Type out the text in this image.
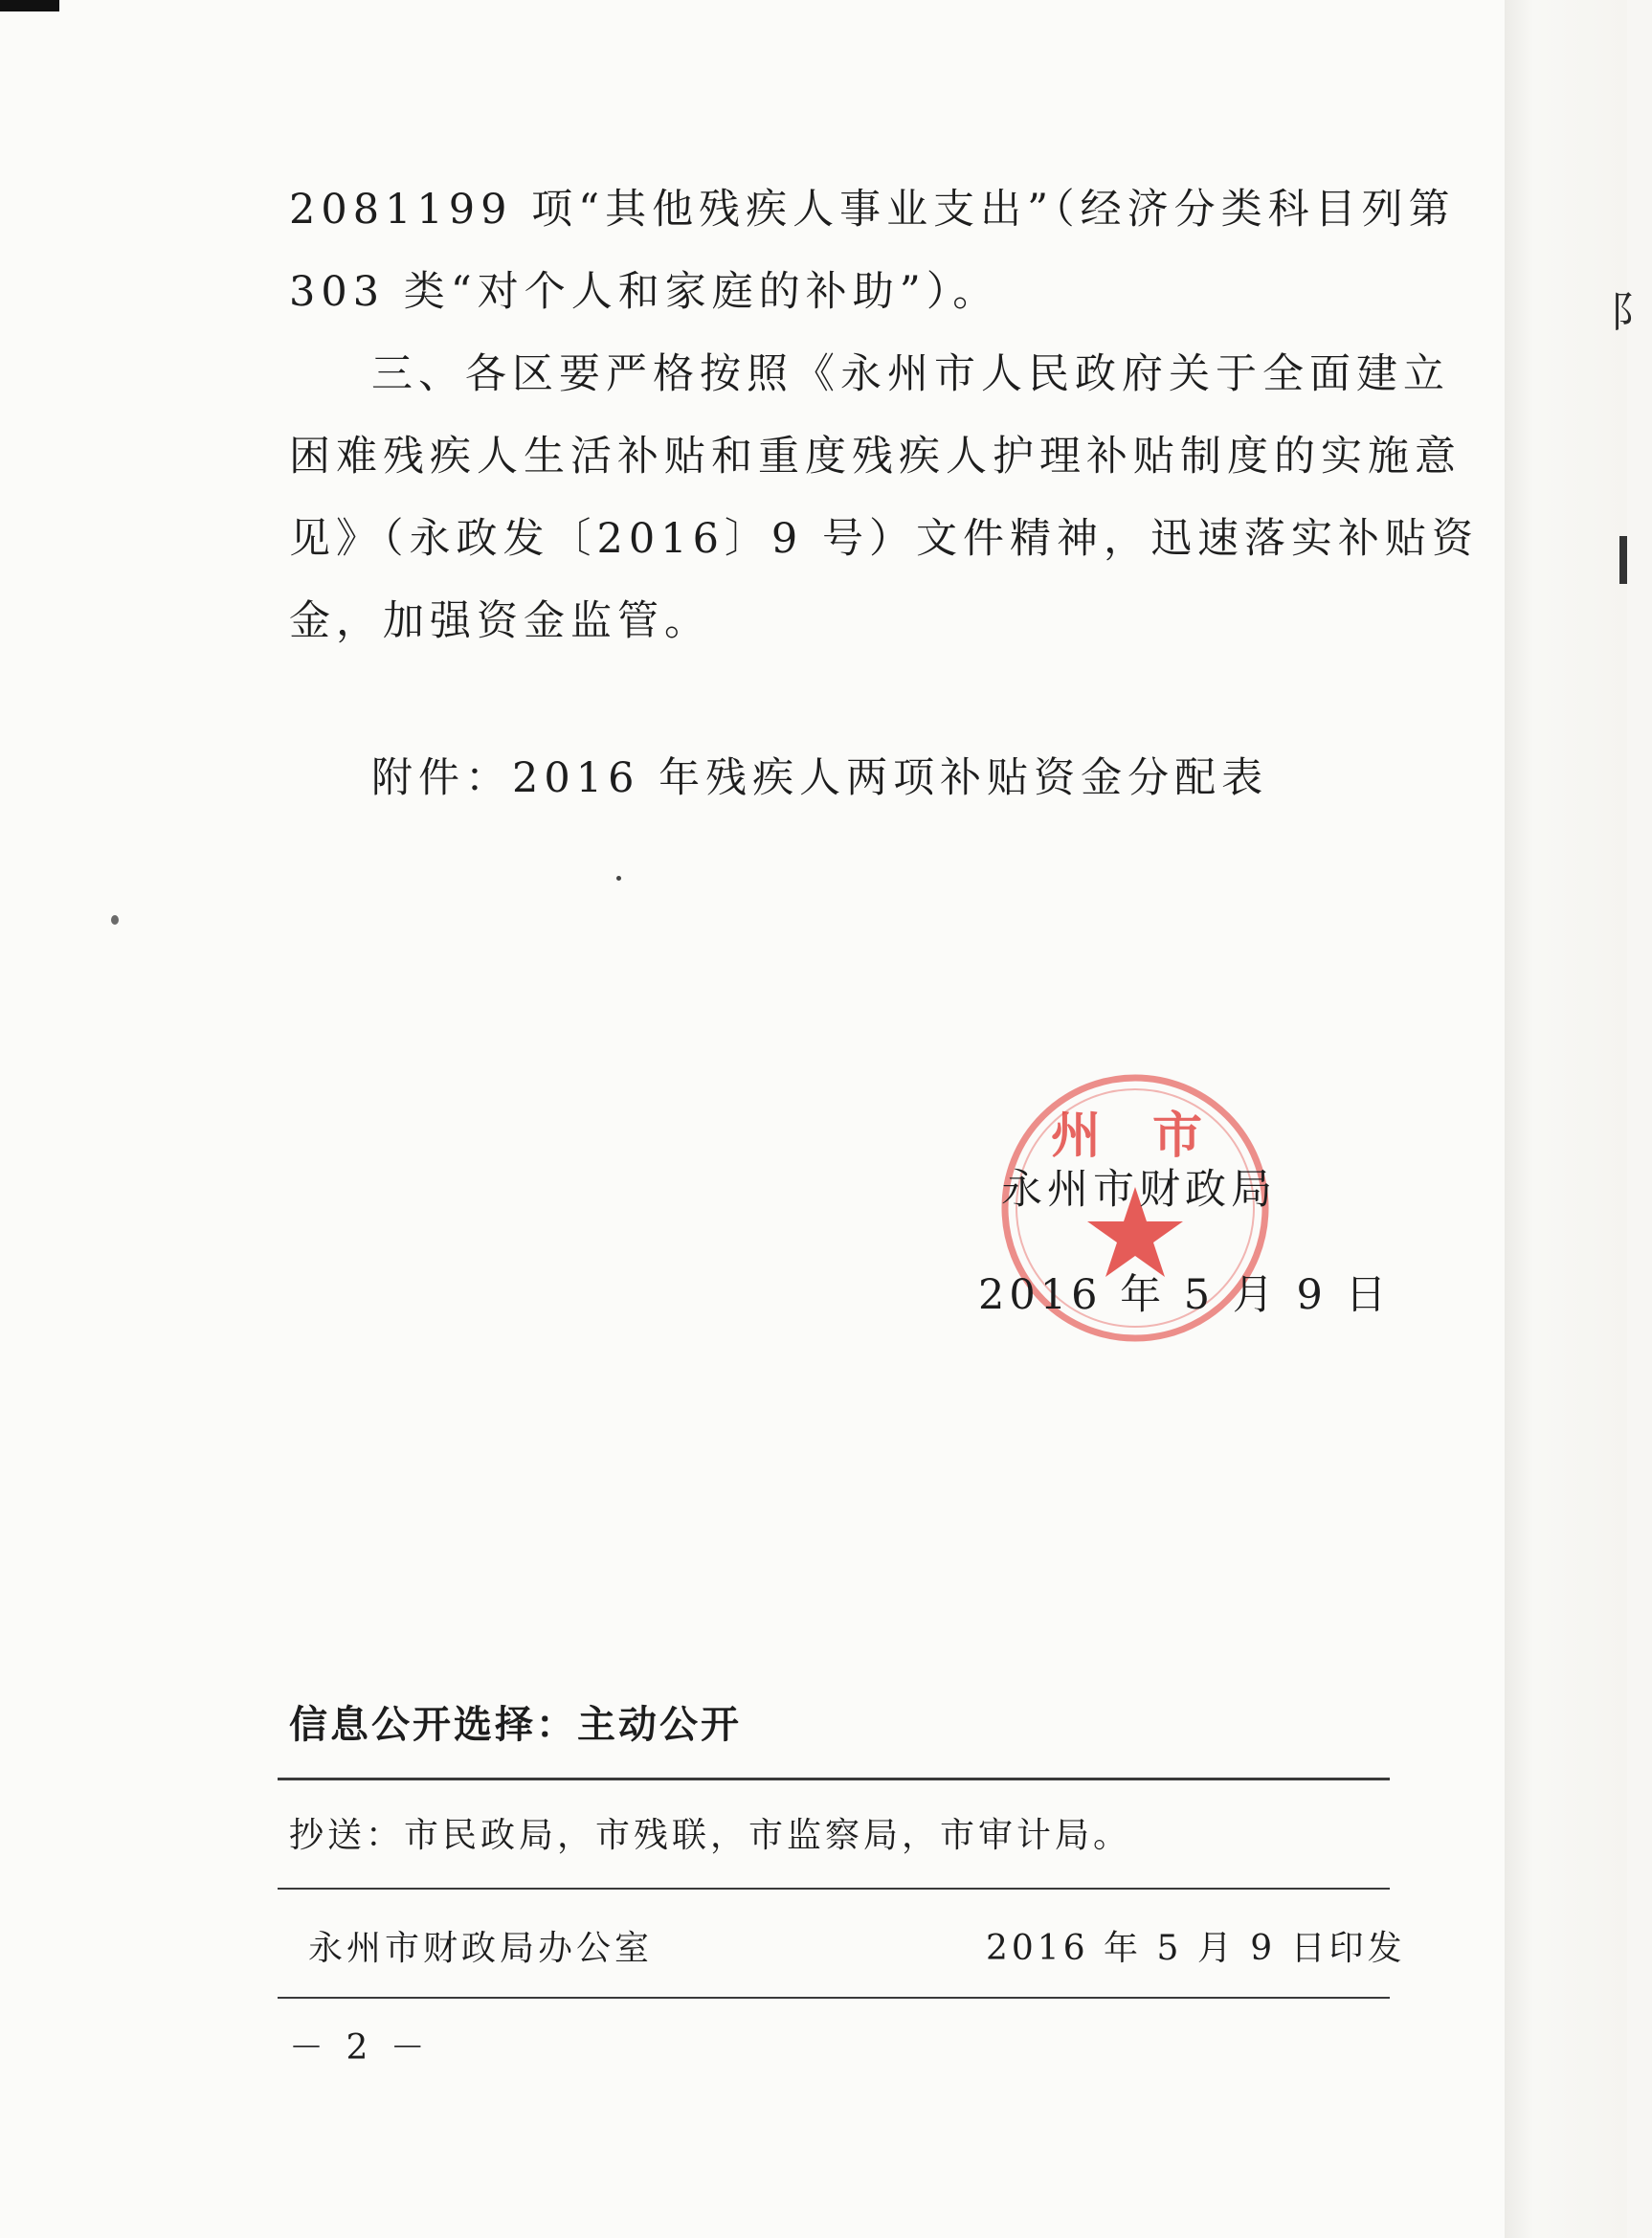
2081199 项“其他残疾人事业支出”（经济分类科目列第
303 类“对个人和家庭的补助”）。
三、各区要严格按照《永州市人民政府关于全面建立
困难残疾人生活补贴和重度残疾人护理补贴制度的实施意
见》（永政发〔2016〕9 号）文件精神，迅速落实补贴资
金，加强资金监管。
附件：2016 年残疾人两项补贴资金分配表
州 市
永州市财政局
2016 年 5 月 9 日
信息公开选择：主动公开
抄送：市民政局，市残联，市监察局，市审计局。
永州市财政局办公室	2016 年 5 月 9 日印发
－ 2 －
阝
